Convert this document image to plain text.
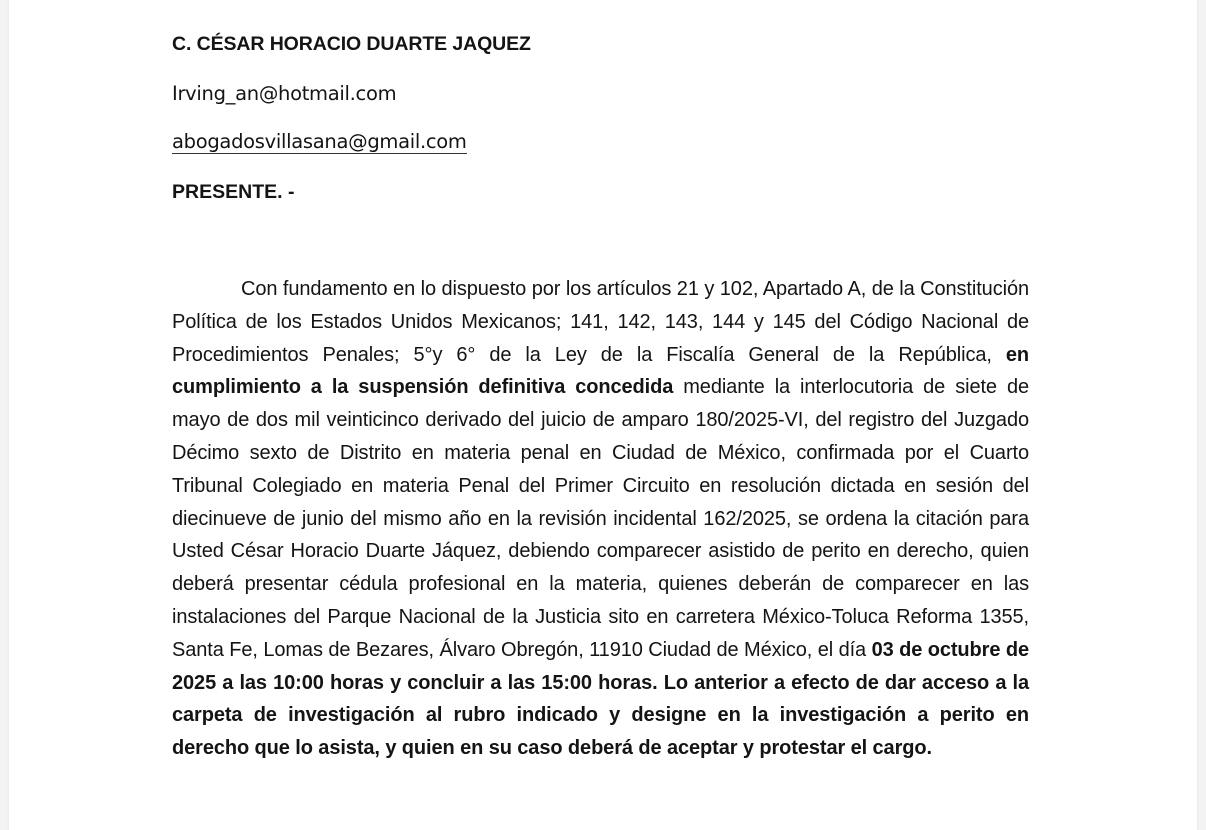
C. CÉSAR HORACIO DUARTE JAQUEZ
Irving_an@hotmail.com
abogadosvillasana@gmail.com
PRESENTE. -

Con fundamento en lo dispuesto por los artículos 21 y 102, Apartado A, de la Constitución Política de los Estados Unidos Mexicanos; 141, 142, 143, 144 y 145 del Código Nacional de Procedimientos Penales; 5°y 6° de la Ley de la Fiscalía General de la República, en cumplimiento a la suspensión definitiva concedida mediante la interlocutoria de siete de mayo de dos mil veinticinco derivado del juicio de amparo 180/2025-VI, del registro del Juzgado Décimo sexto de Distrito en materia penal en Ciudad de México, confirmada por el Cuarto Tribunal Colegiado en materia Penal del Primer Circuito en resolución dictada en sesión del diecinueve de junio del mismo año en la revisión incidental 162/2025, se ordena la citación para Usted César Horacio Duarte Jáquez, debiendo comparecer asistido de perito en derecho, quien deberá presentar cédula profesional en la materia, quienes deberán de comparecer en las instalaciones del Parque Nacional de la Justicia sito en carretera México-Toluca Reforma 1355, Santa Fe, Lomas de Bezares, Álvaro Obregón, 11910 Ciudad de México, el día 03 de octubre de 2025 a las 10:00 horas y concluir a las 15:00 horas. Lo anterior a efecto de dar acceso a la carpeta de investigación al rubro indicado y designe en la investigación a perito en derecho que lo asista, y quien en su caso deberá de aceptar y protestar el cargo.
